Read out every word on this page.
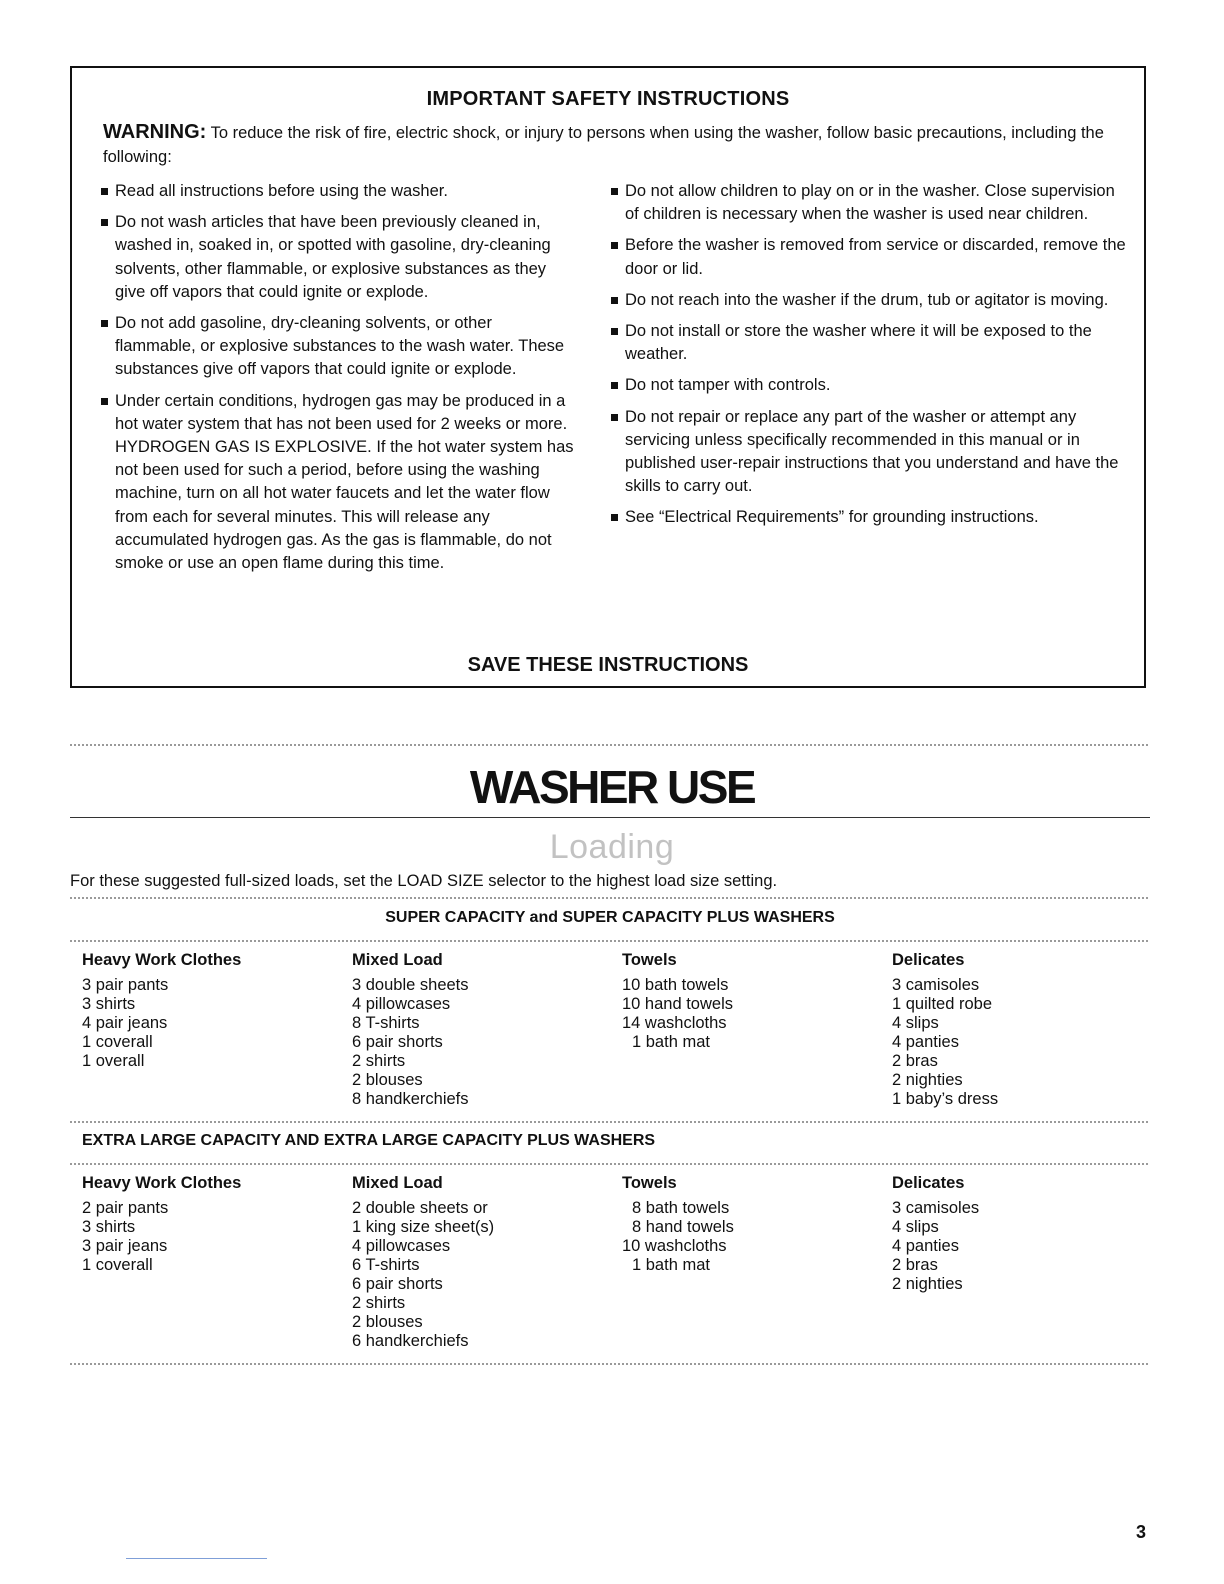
IMPORTANT SAFETY INSTRUCTIONS
WARNING: To reduce the risk of fire, electric shock, or injury to persons when using the washer, follow basic precautions, including the following:
Read all instructions before using the washer.
Do not wash articles that have been previously cleaned in, washed in, soaked in, or spotted with gasoline, dry-cleaning solvents, other flammable, or explosive substances as they give off vapors that could ignite or explode.
Do not add gasoline, dry-cleaning solvents, or other flammable, or explosive substances to the wash water. These substances give off vapors that could ignite or explode.
Under certain conditions, hydrogen gas may be produced in a hot water system that has not been used for 2 weeks or more. HYDROGEN GAS IS EXPLOSIVE. If the hot water system has not been used for such a period, before using the washing machine, turn on all hot water faucets and let the water flow from each for several minutes. This will release any accumulated hydrogen gas. As the gas is flammable, do not smoke or use an open flame during this time.
Do not allow children to play on or in the washer. Close supervision of children is necessary when the washer is used near children.
Before the washer is removed from service or discarded, remove the door or lid.
Do not reach into the washer if the drum, tub or agitator is moving.
Do not install or store the washer where it will be exposed to the weather.
Do not tamper with controls.
Do not repair or replace any part of the washer or attempt any servicing unless specifically recommended in this manual or in published user-repair instructions that you understand and have the skills to carry out.
See “Electrical Requirements” for grounding instructions.
SAVE THESE INSTRUCTIONS
WASHER USE
Loading
For these suggested full-sized loads, set the LOAD SIZE selector to the highest load size setting.
SUPER CAPACITY and SUPER CAPACITY PLUS WASHERS
Heavy Work Clothes
3 pair pants
3 shirts
4 pair jeans
1 coverall
1 overall
Mixed Load
3 double sheets
4 pillowcases
8 T-shirts
6 pair shorts
2 shirts
2 blouses
8 handkerchiefs
Towels
10 bath towels
10 hand towels
14 washcloths
1 bath mat
Delicates
3 camisoles
1 quilted robe
4 slips
4 panties
2 bras
2 nighties
1 baby’s dress
EXTRA LARGE CAPACITY AND EXTRA LARGE CAPACITY PLUS WASHERS
Heavy Work Clothes
2 pair pants
3 shirts
3 pair jeans
1 coverall
Mixed Load
2 double sheets or
1 king size sheet(s)
4 pillowcases
6 T-shirts
6 pair shorts
2 shirts
2 blouses
6 handkerchiefs
Towels
8 bath towels
8 hand towels
10 washcloths
1 bath mat
Delicates
3 camisoles
4 slips
4 panties
2 bras
2 nighties
3
